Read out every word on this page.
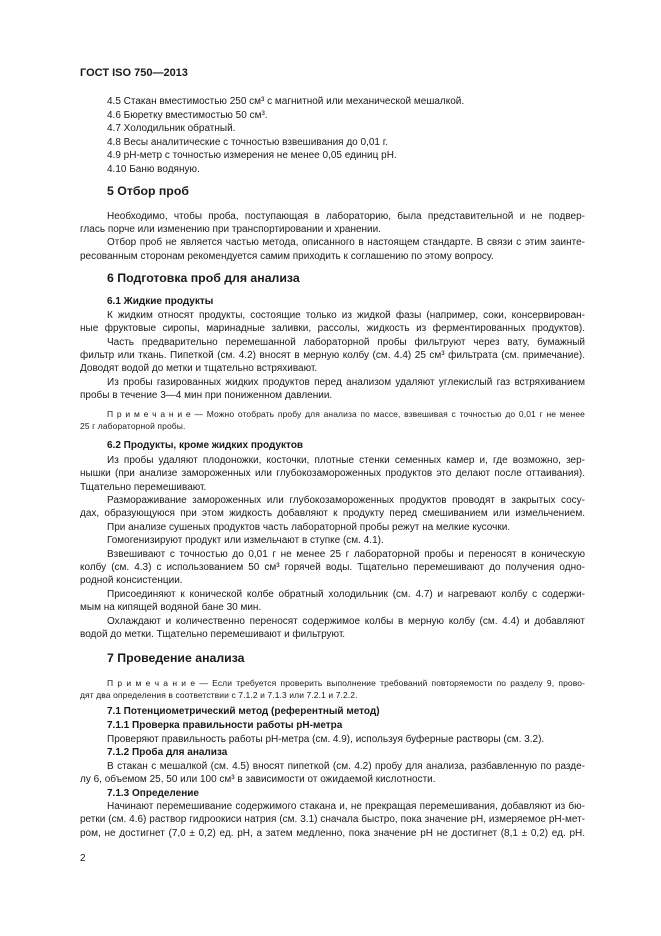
ГОСТ ISO 750—2013
4.5 Стакан вместимостью 250 см³ с магнитной или механической мешалкой.
4.6 Бюретку вместимостью 50 см³.
4.7 Холодильник обратный.
4.8 Весы аналитические с точностью взвешивания до 0,01 г.
4.9 pH-метр с точностью измерения не менее 0,05 единиц pH.
4.10 Баню водяную.
5 Отбор проб
Необходимо, чтобы проба, поступающая в лабораторию, была представительной и не подвер-
глась порче или изменению при транспортировании и хранении.
Отбор проб не является частью метода, описанного в настоящем стандарте. В связи с этим заинте-
ресованным сторонам рекомендуется самим приходить к соглашению по этому вопросу.
6 Подготовка проб для анализа
6.1 Жидкие продукты
К жидким относят продукты, состоящие только из жидкой фазы (например, соки, консервирован-
ные фруктовые сиропы, маринадные заливки, рассолы, жидкость из ферментированных продуктов).
Часть предварительно перемешанной лабораторной пробы фильтруют через вату, бумажный
фильтр или ткань. Пипеткой (см. 4.2) вносят в мерную колбу (см. 4.4) 25 см³ фильтрата (см. примечание).
Доводят водой до метки и тщательно встряхивают.
Из пробы газированных жидких продуктов перед анализом удаляют углекислый газ встряхиванием
пробы в течение 3—4 мин при пониженном давлении.
П р и м е ч а н и е — Можно отобрать пробу для анализа по массе, взвешивая с точностью до 0,01 г не менее
25 г лабораторной пробы.
6.2 Продукты, кроме жидких продуктов
Из пробы удаляют плодоножки, косточки, плотные стенки семенных камер и, где возможно, зер-
нышки (при анализе замороженных или глубокозамороженных продуктов это делают после оттаивания).
Тщательно перемешивают.
Размораживание замороженных или глубокозамороженных продуктов проводят в закрытых сосу-
дах, образующуюся при этом жидкость добавляют к продукту перед смешиванием или измельчением.
При анализе сушеных продуктов часть лабораторной пробы режут на мелкие кусочки.
Гомогенизируют продукт или измельчают в ступке (см. 4.1).
Взвешивают с точностью до 0,01 г не менее 25 г лабораторной пробы и переносят в коническую
колбу (см. 4.3) с использованием 50 см³ горячей воды. Тщательно перемешивают до получения одно-
родной консистенции.
Присоединяют к конической колбе обратный холодильник (см. 4.7) и нагревают колбу с содержи-
мым на кипящей водяной бане 30 мин.
Охлаждают и количественно переносят содержимое колбы в мерную колбу (см. 4.4) и добавляют
водой до метки. Тщательно перемешивают и фильтруют.
7 Проведение анализа
П р и м е ч а н и е — Если требуется проверить выполнение требований повторяемости по разделу 9, прово-
дят два определения в соответствии с 7.1.2 и 7.1.3 или 7.2.1 и 7.2.2.
7.1 Потенциометрический метод (референтный метод)
7.1.1 Проверка правильности работы pH-метра
Проверяют правильность работы pH-метра (см. 4.9), используя буферные растворы (см. 3.2).
7.1.2 Проба для анализа
В стакан с мешалкой (см. 4.5) вносят пипеткой (см. 4.2) пробу для анализа, разбавленную по разде-
лу 6, объемом 25, 50 или 100 см³ в зависимости от ожидаемой кислотности.
7.1.3 Определение
Начинают перемешивание содержимого стакана и, не прекращая перемешивания, добавляют из бю-
ретки (см. 4.6) раствор гидроокиси натрия (см. 3.1) сначала быстро, пока значение pH, измеряемое pH-мет-
ром, не достигнет (7,0 ± 0,2) ед. pH, а затем медленно, пока значение pH не достигнет (8,1 ± 0,2) ед. pH.
2
